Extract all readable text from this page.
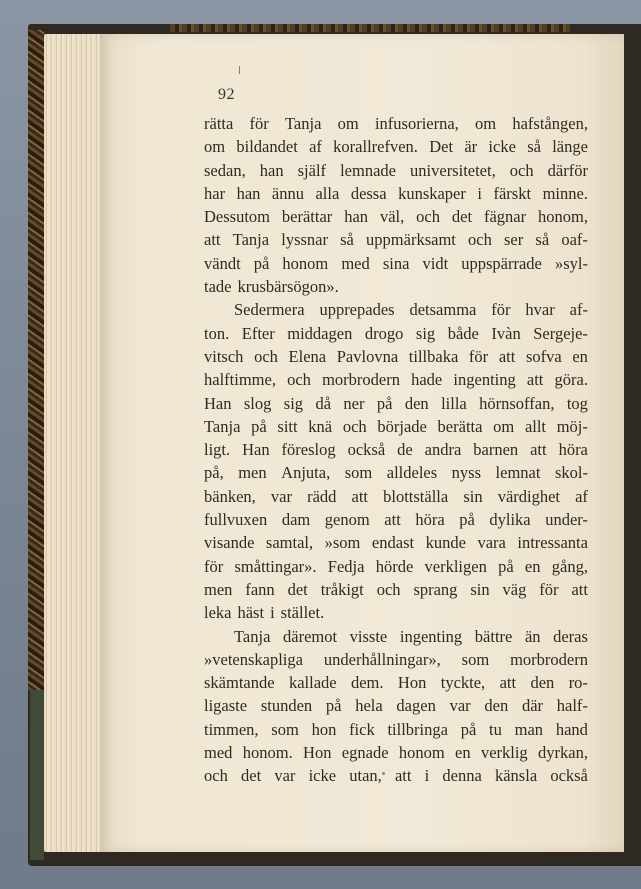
92
rätta för Tanja om infusorierna, om hafstången,
om bildandet af korallrefven. Det är icke så länge
sedan, han själf lemnade universitetet, och därför
har han ännu alla dessa kunskaper i färskt minne.
Dessutom berättar han väl, och det fägnar honom,
att Tanja lyssnar så uppmärksamt och ser så oaf-
vändt på honom med sina vidt uppspärrade »syl-
tade krusbärsögon».
Sedermera upprepades detsamma för hvar af-
ton. Efter middagen drogo sig både Ivàn Sergeje-
vitsch och Elena Pavlovna tillbaka för att sofva en
halftimme, och morbrodern hade ingenting att göra.
Han slog sig då ner på den lilla hörnsoffan, tog
Tanja på sitt knä och började berätta om allt möj-
ligt. Han föreslog också de andra barnen att höra
på, men Anjuta, som alldeles nyss lemnat skol-
bänken, var rädd att blottställa sin värdighet af
fullvuxen dam genom att höra på dylika under-
visande samtal, »som endast kunde vara intressanta
för småttingar». Fedja hörde verkligen på en gång,
men fann det tråkigt och sprang sin väg för att
leka häst i stället.
Tanja däremot visste ingenting bättre än deras
»vetenskapliga underhållningar», som morbrodern
skämtande kallade dem. Hon tyckte, att den ro-
ligaste stunden på hela dagen var den där half-
timmen, som hon fick tillbringa på tu man hand
med honom. Hon egnade honom en verklig dyrkan,
och det var icke utan, att i denna känsla också
